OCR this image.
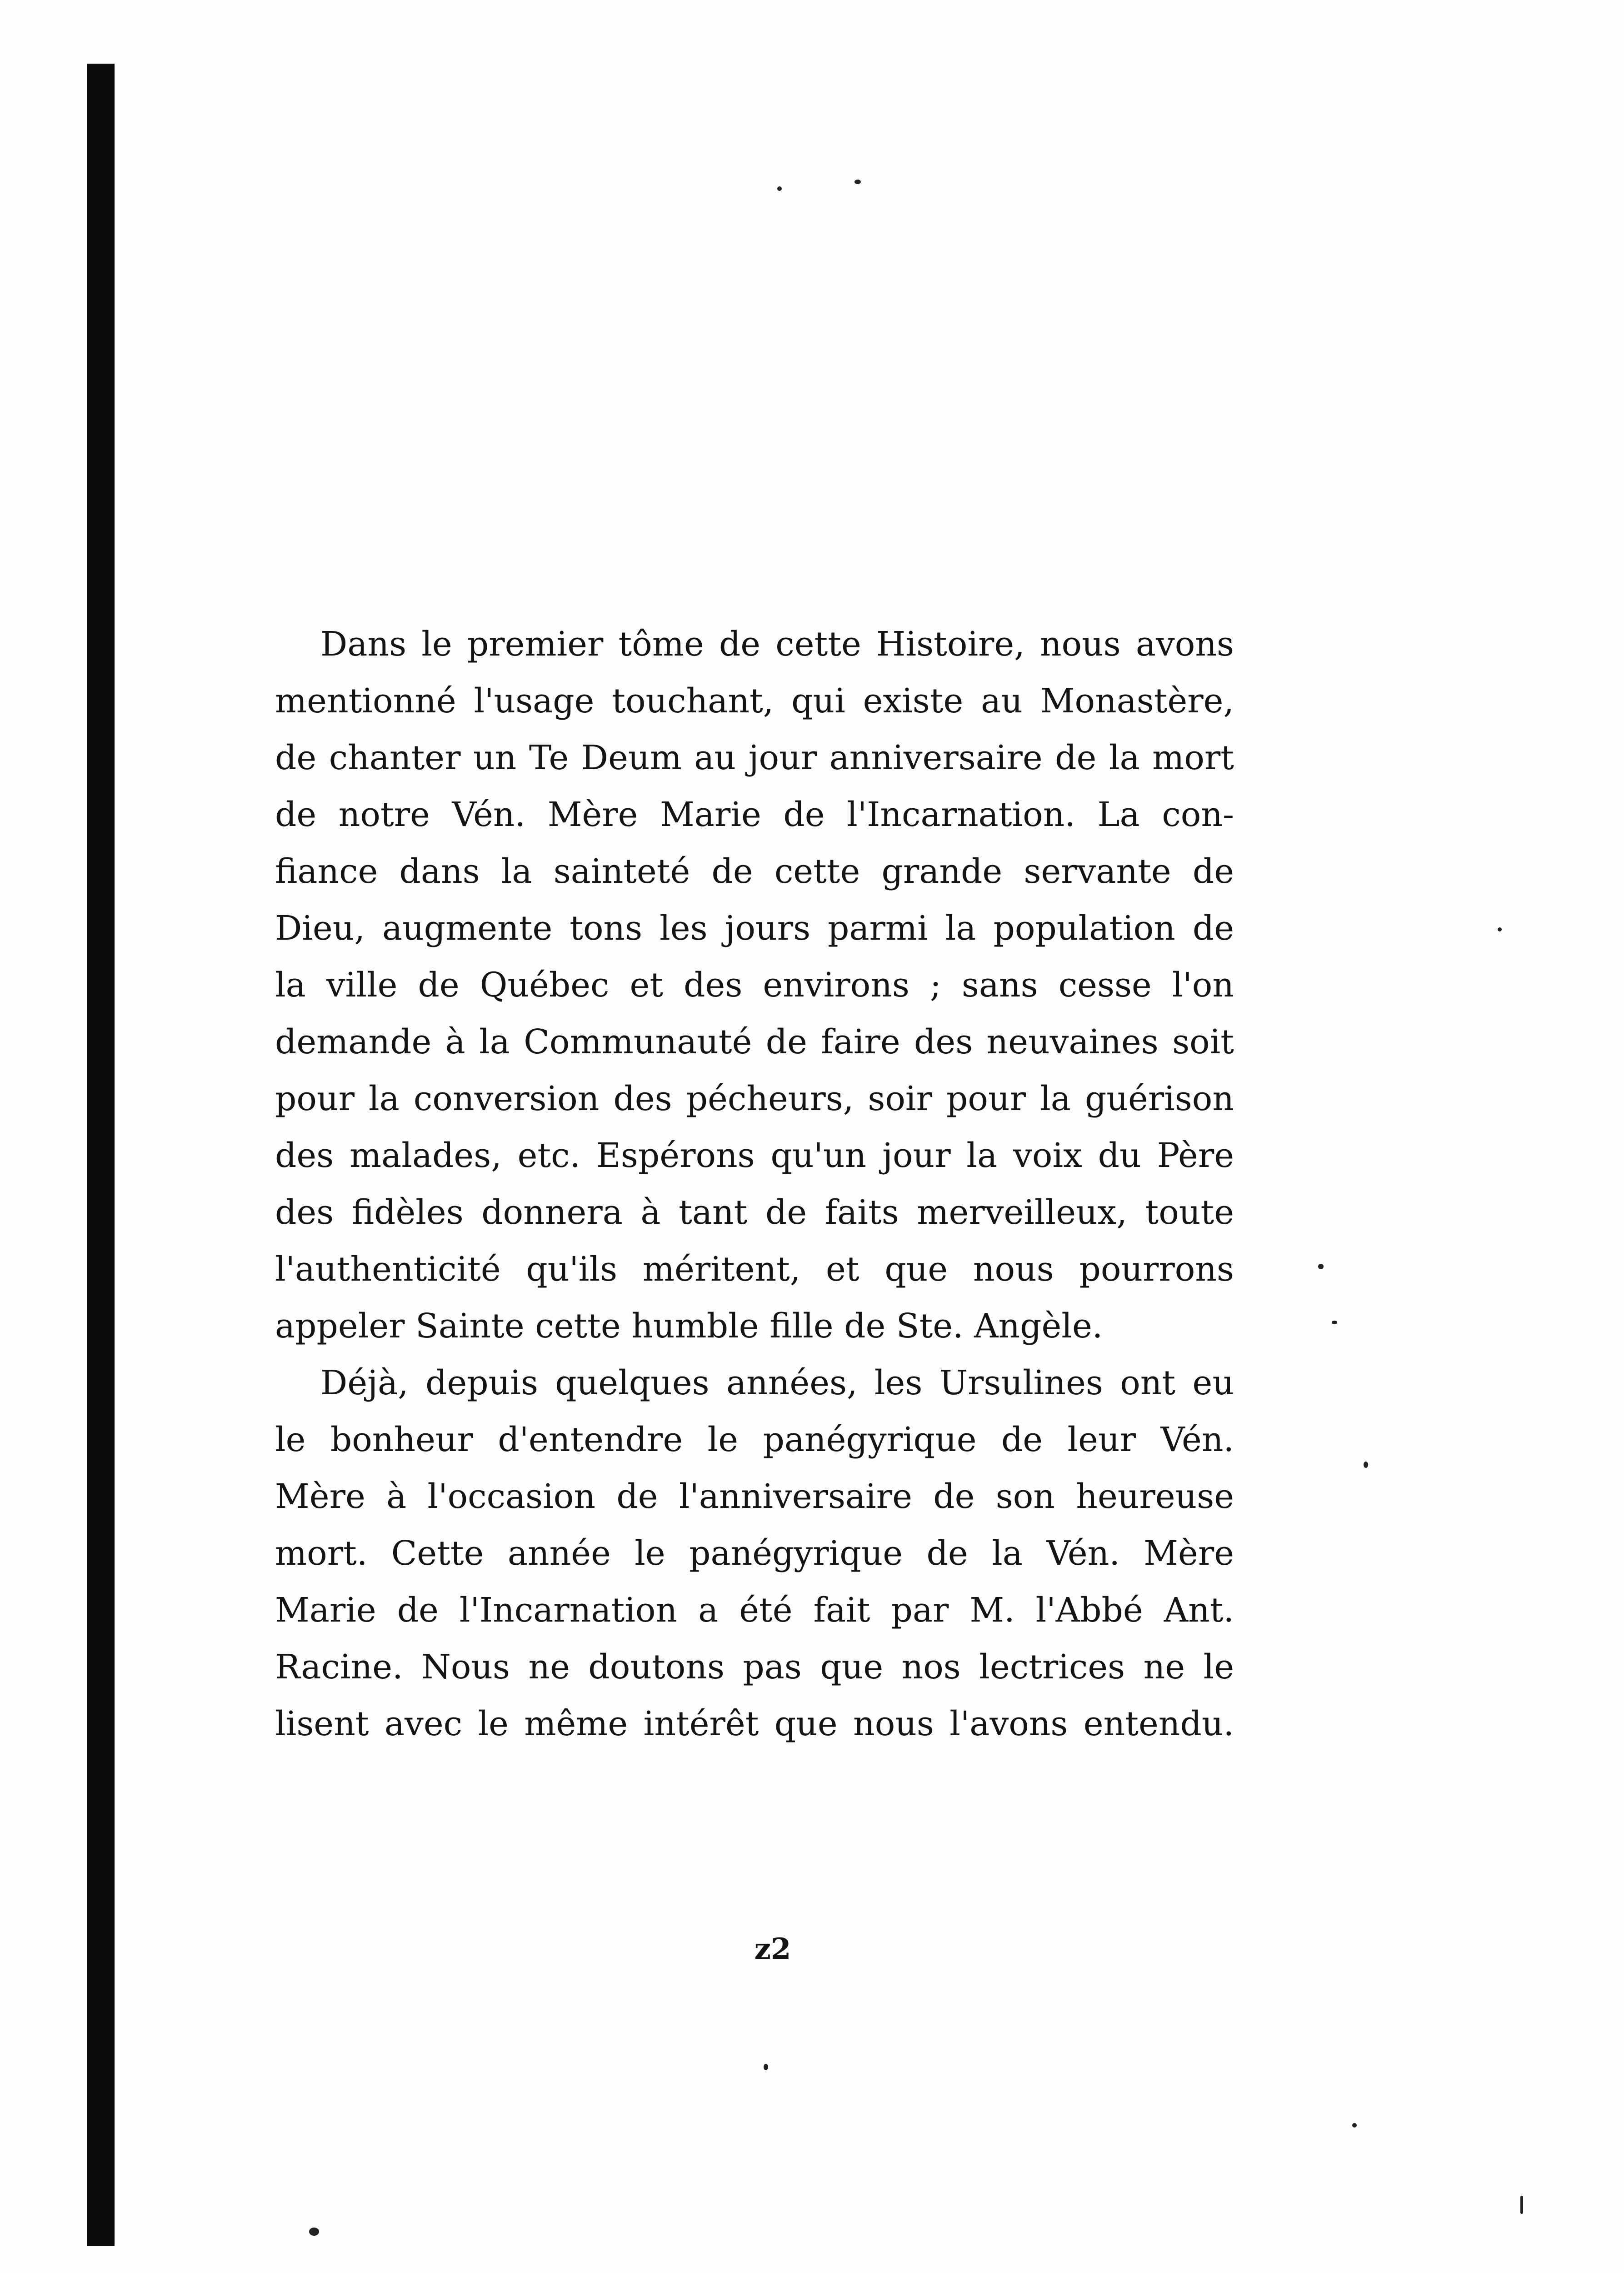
Dans le premier tôme de cette Histoire, nous avons
mentionné l'usage touchant, qui existe au Monastère,
de chanter un Te Deum au jour anniversaire de la mort
de notre Vén. Mère Marie de l'Incarnation. La con-
fiance dans la sainteté de cette grande servante de
Dieu, augmente tons les jours parmi la population de
la ville de Québec et des environs ; sans cesse l'on
demande à la Communauté de faire des neuvaines soit
pour la conversion des pécheurs, soir pour la guérison
des malades, etc. Espérons qu'un jour la voix du Père
des fidèles donnera à tant de faits merveilleux, toute
l'authenticité qu'ils méritent, et que nous pourrons
appeler Sainte cette humble fille de Ste. Angèle.

Déjà, depuis quelques années, les Ursulines ont eu
le bonheur d'entendre le panégyrique de leur Vén.
Mère à l'occasion de l'anniversaire de son heureuse
mort. Cette année le panégyrique de la Vén. Mère
Marie de l'Incarnation a été fait par M. l'Abbé Ant.
Racine. Nous ne doutons pas que nos lectrices ne le
lisent avec le même intérêt que nous l'avons entendu.

z2
